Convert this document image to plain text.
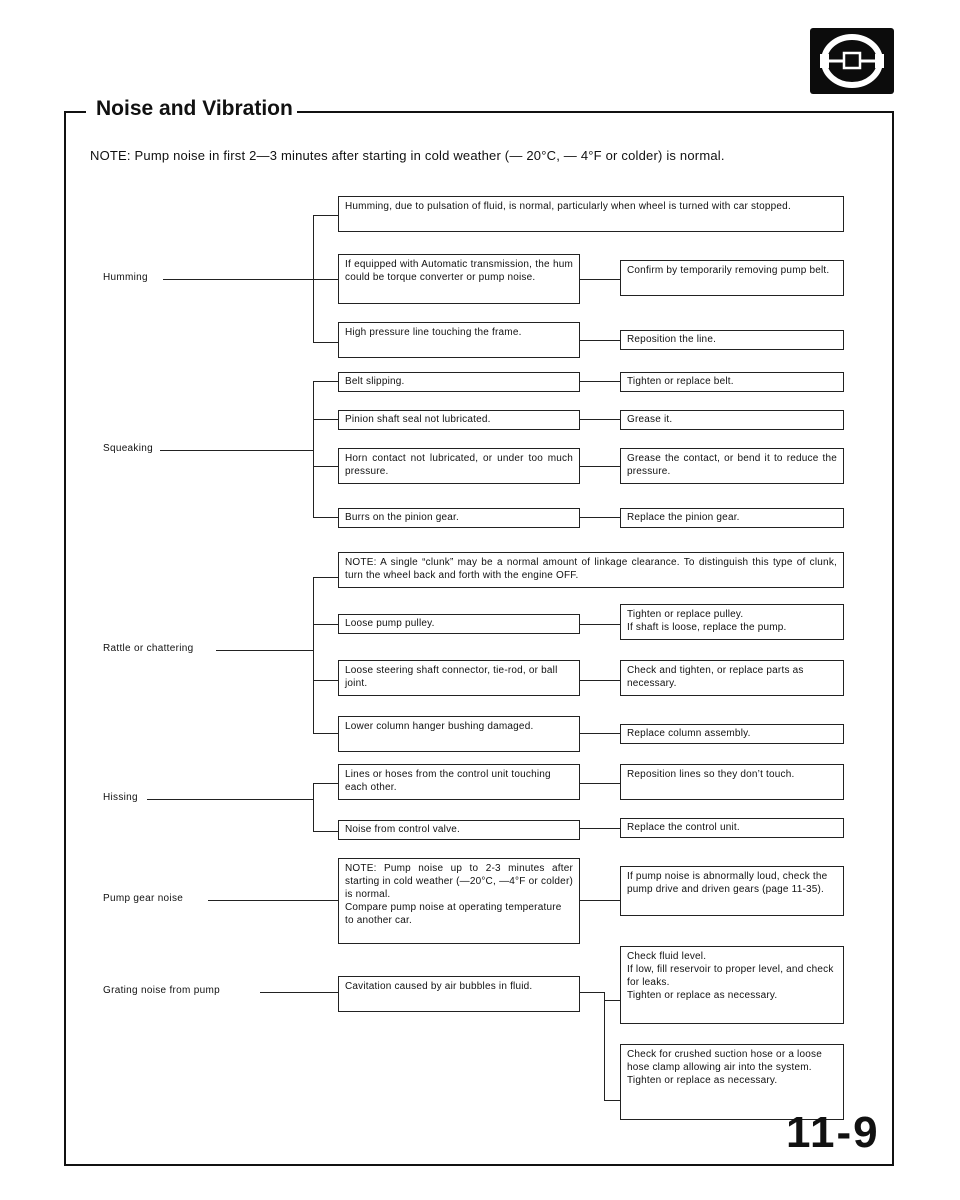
Noise and Vibration
NOTE: Pump noise in first 2—3 minutes after starting in cold weather (— 20°C, — 4°F or colder) is normal.
Humming
Humming, due to pulsation of fluid, is normal, particularly when wheel is turned with car stopped.
If equipped with Automatic transmission, the hum could be torque converter or pump noise.
High pressure line touching the frame.
Confirm by temporarily removing pump belt.
Reposition the line.
Squeaking
Belt slipping.
Pinion shaft seal not lubricated.
Horn contact not lubricated, or under too much pressure.
Burrs on the pinion gear.
Tighten or replace belt.
Grease it.
Grease the contact, or bend it to reduce the pressure.
Replace the pinion gear.
Rattle or chattering
NOTE: A single “clunk” may be a normal amount of linkage clearance. To distinguish this type of clunk, turn the wheel back and forth with the engine OFF.
Loose pump pulley.
Loose steering shaft connector, tie-rod, or ball joint.
Lower column hanger bushing damaged.
Tighten or replace pulley.
If shaft is loose, replace the pump.
Check and tighten, or replace parts as necessary.
Replace column assembly.
Hissing
Lines or hoses from the control unit touching each other.
Noise from control valve.
Reposition lines so they don’t touch.
Replace the control unit.
Pump gear noise
NOTE: Pump noise up to 2-3 minutes after starting in cold weather (—20°C, —4°F or colder) is normal.
Compare pump noise at operating temperature to another car.
If pump noise is abnormally loud, check the pump drive and driven gears (page 11-35).
Grating noise from pump	Cavitation caused by air bubbles in fluid.
Check fluid level.
If low, fill reservoir to proper level, and check for leaks.
Tighten or replace as necessary.
Check for crushed suction hose or a loose hose clamp allowing air into the system.
Tighten or replace as necessary.
11-9
